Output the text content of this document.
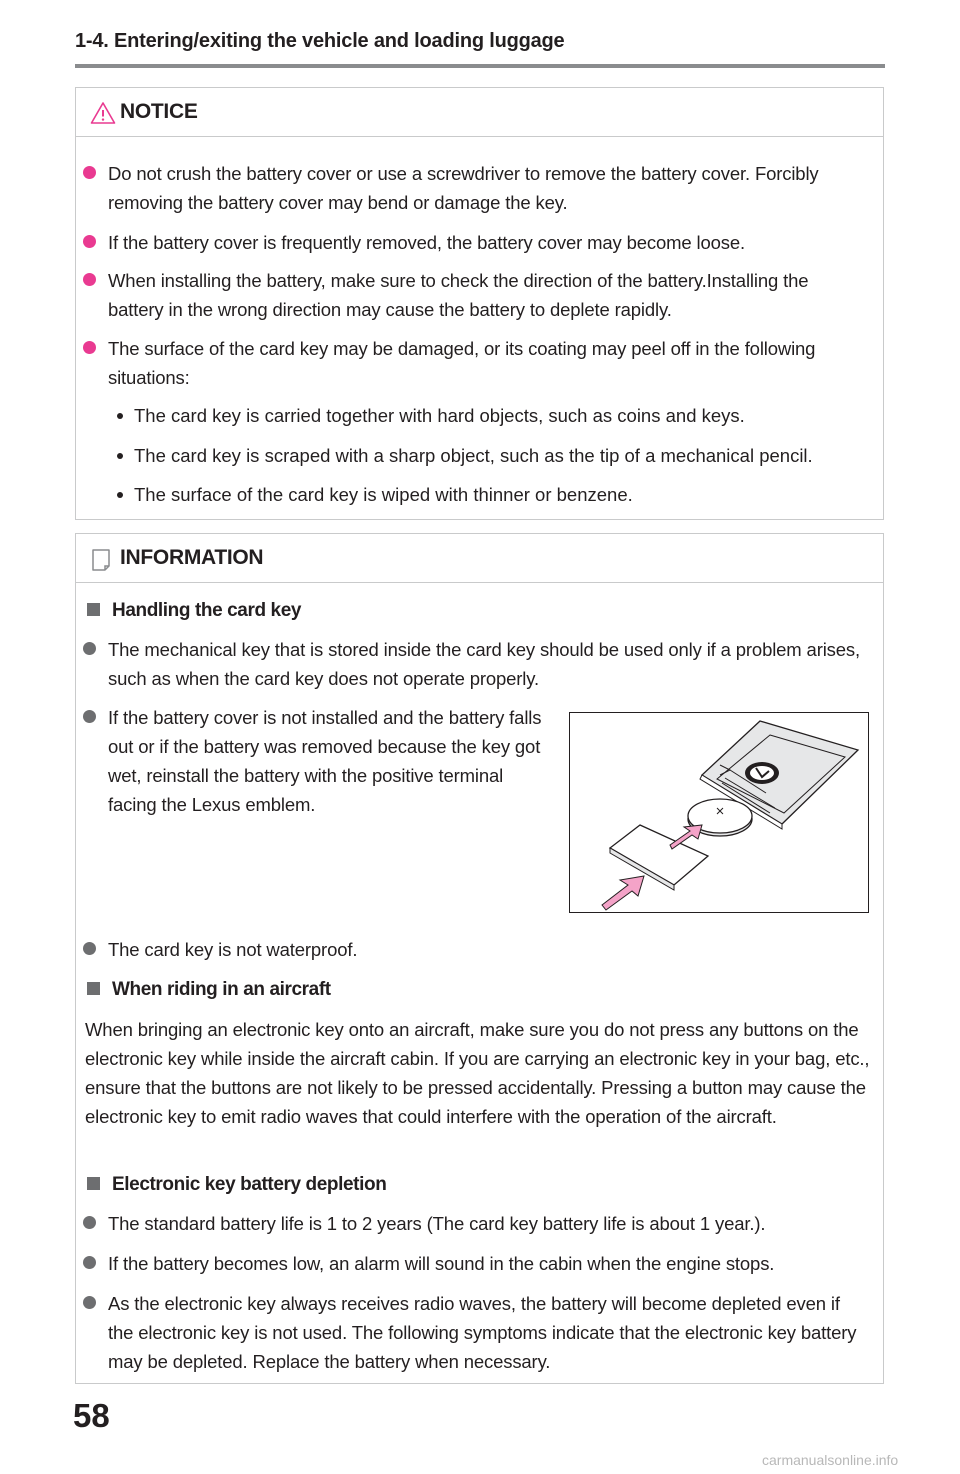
1-4. Entering/exiting the vehicle and loading luggage
NOTICE
Do not crush the battery cover or use a screwdriver to remove the battery cover. Forcibly removing the battery cover may bend or damage the key.
If the battery cover is frequently removed, the battery cover may become loose.
When installing the battery, make sure to check the direction of the battery.Installing the battery in the wrong direction may cause the battery to deplete rapidly.
The surface of the card key may be damaged, or its coating may peel off in the following situations:
The card key is carried together with hard objects, such as coins and keys.
The card key is scraped with a sharp object, such as the tip of a mechanical pencil.
The surface of the card key is wiped with thinner or benzene.
INFORMATION
Handling the card key
The mechanical key that is stored inside the card key should be used only if a problem arises, such as when the card key does not operate properly.
If the battery cover is not installed and the battery falls out or if the battery was removed because the key got wet, reinstall the battery with the positive terminal facing the Lexus emblem.
The card key is not waterproof.
When riding in an aircraft
When bringing an electronic key onto an aircraft, make sure you do not press any buttons on the electronic key while inside the aircraft cabin. If you are carrying an electronic key in your bag, etc., ensure that the buttons are not likely to be pressed accidentally. Pressing a button may cause the electronic key to emit radio waves that could interfere with the operation of the aircraft.
Electronic key battery depletion
The standard battery life is 1 to 2 years (The card key battery life is about 1 year.).
If the battery becomes low, an alarm will sound in the cabin when the engine stops.
As the electronic key always receives radio waves, the battery will become depleted even if the electronic key is not used. The following symptoms indicate that the electronic key battery may be depleted. Replace the battery when necessary.
58
carmanualsonline.info
